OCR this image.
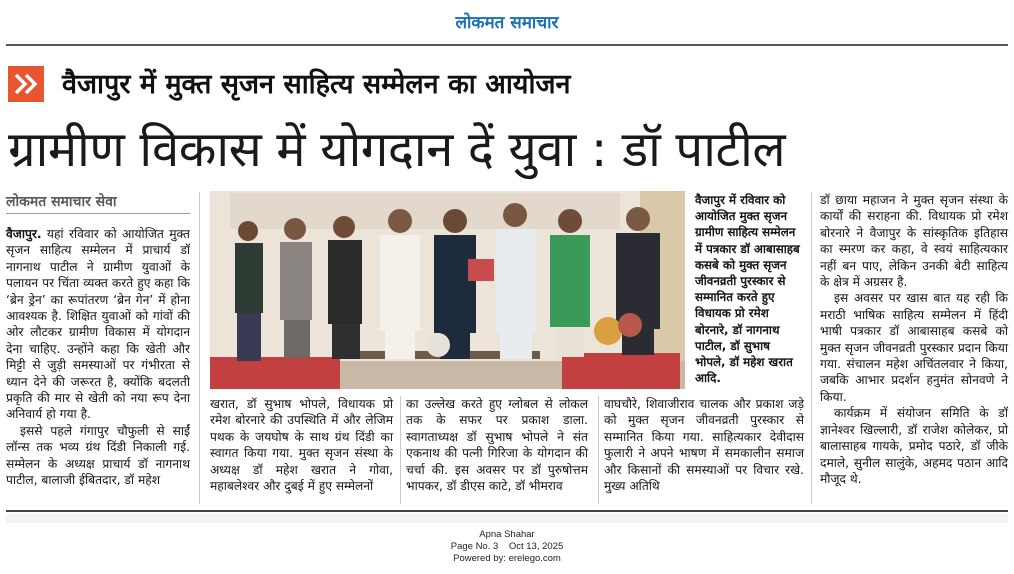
लोकमत समाचार
वैजापुर में मुक्त सृजन साहित्य सम्मेलन का आयोजन
ग्रामीण विकास में योगदान दें युवा : डॉ पाटील
लोकमत समाचार सेवा

वैजापुर. यहां रविवार को आयोजित मुक्त सृजन साहित्य सम्मेलन में प्राचार्य डॉ नागनाथ पाटील ने ग्रामीण युवाओं के पलायन पर चिंता व्यक्त करते हुए कहा कि ‘ब्रेन ड्रेन’ का रूपांतरण ‘ब्रेन गेन’ में होना आवश्यक है. शिक्षित युवाओं को गांवों की ओर लौटकर ग्रामीण विकास में योगदान देना चाहिए. उन्होंने कहा कि खेती और मिट्टी से जुड़ी समस्याओं पर गंभीरता से ध्यान देने की जरूरत है, क्योंकि बदलती प्रकृति की मार से खेती को नया रूप देना अनिवार्य हो गया है.

इससे पहले गंगापुर चौफुली से साईं लॉन्स तक भव्य ग्रंथ दिंडी निकाली गई. सम्मेलन के अध्यक्ष प्राचार्य डॉ नागनाथ पाटील, बालाजी ईबितदार, डॉ महेश

खरात, डॉ सुभाष भोपले, विधायक प्रो रमेश बोरनारे की उपस्थिति में और लेजिम पथक के जयघोष के साथ ग्रंथ दिंडी का स्वागत किया गया. मुक्त सृजन संस्था के अध्यक्ष डॉ महेश खरात ने गोवा, महाबलेश्वर और दुबई में हुए सम्मेलनों

का उल्लेख करते हुए ग्लोबल से लोकल तक के सफर पर प्रकाश डाला. स्वागताध्यक्ष डॉ सुभाष भोपले ने संत एकनाथ की पत्नी गिरिजा के योगदान की चर्चा की. इस अवसर पर डॉ पुरुषोत्तम भापकर, डॉ डीएस काटे, डॉ भीमराव

वाघचौरे, शिवाजीराव चालक और प्रकाश जड़े को मुक्त सृजन जीवनव्रती पुरस्कार से सम्मानित किया गया. साहित्यकार देवीदास फुलारी ने अपने भाषण में समकालीन समाज और किसानों की समस्याओं पर विचार रखे. मुख्य अतिथि

वैजापुर में रविवार को आयोजित मुक्त सृजन ग्रामीण साहित्य सम्मेलन में पत्रकार डॉ आबासाहब कसबे को मुक्त सृजन जीवनव्रती पुरस्कार से सम्मानित करते हुए विधायक प्रो रमेश बोरनारे, डॉ नागनाथ पाटील, डॉ सुभाष भोपले, डॉ महेश खरात आदि.

डॉ छाया महाजन ने मुक्त सृजन संस्था के कार्यों की सराहना की. विधायक प्रो रमेश बोरनारे ने वैजापुर के सांस्कृतिक इतिहास का स्मरण कर कहा, वे स्वयं साहित्यकार नहीं बन पाए, लेकिन उनकी बेटी साहित्य के क्षेत्र में अग्रसर है.

इस अवसर पर खास बात यह रही कि मराठी भाषिक साहित्य सम्मेलन में हिंदी भाषी पत्रकार डॉ आबासाहब कसबे को मुक्त सृजन जीवनव्रती पुरस्कार प्रदान किया गया. संचालन महेश अचिंतलवार ने किया, जबकि आभार प्रदर्शन हनुमंत सोनवणे ने किया.

कार्यक्रम में संयोजन समिति के डॉ ज्ञानेश्वर खिल्लारी, डॉ राजेश कोलेकर, प्रो बालासाहब गायके, प्रमोद पठारे, डॉ जीके दमाले, सुनील सालुंके, अहमद पठान आदि मौजूद थे.

Apna Shahar
Page No. 3    Oct 13, 2025
Powered by: erelego.com
